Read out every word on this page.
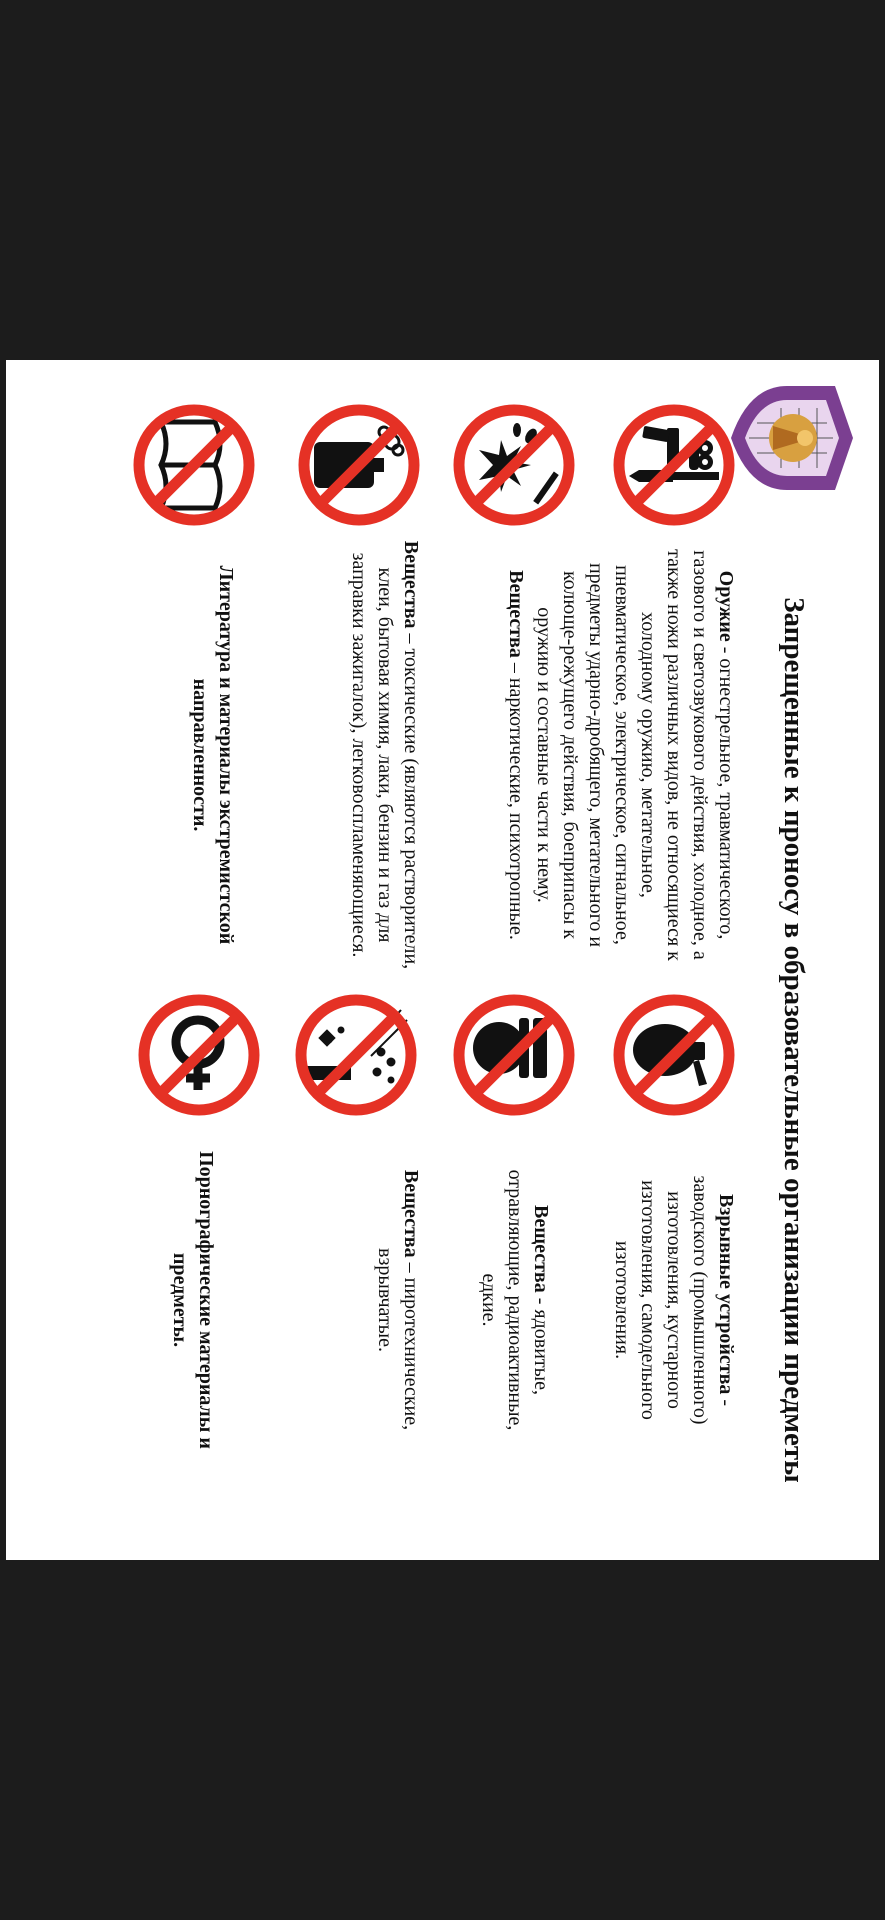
Запрещенные к проносу в образовательные организации предметы
Оружие - огнестрельное, травматического, газового и светозвукового действия, холодное, а также ножи различных видов, не относящиеся к холодному оружию, метательное, пневматическое, электрическое, сигнальное, предметы ударно-дробящего, метательного и колюще-режущего действия, боеприпасы к оружию и составные части к нему.
Вещества – наркотические, психотропные.
Вещества – токсические (являются растворители, клеи, бытовая химия, лаки, бензин и газ для заправки зажигалок), легковоспламеняющиеся.
Литература и материалы экстремистской направленности.
Взрывные устройства - заводского (промышленного) изготовления, кустарного изготовления, самодельного изготовления.
Вещества - ядовитые, отравляющие, радиоактивные, едкие.
Вещества – пиротехнические, взрывчатые.
Порнографические материалы и предметы.
